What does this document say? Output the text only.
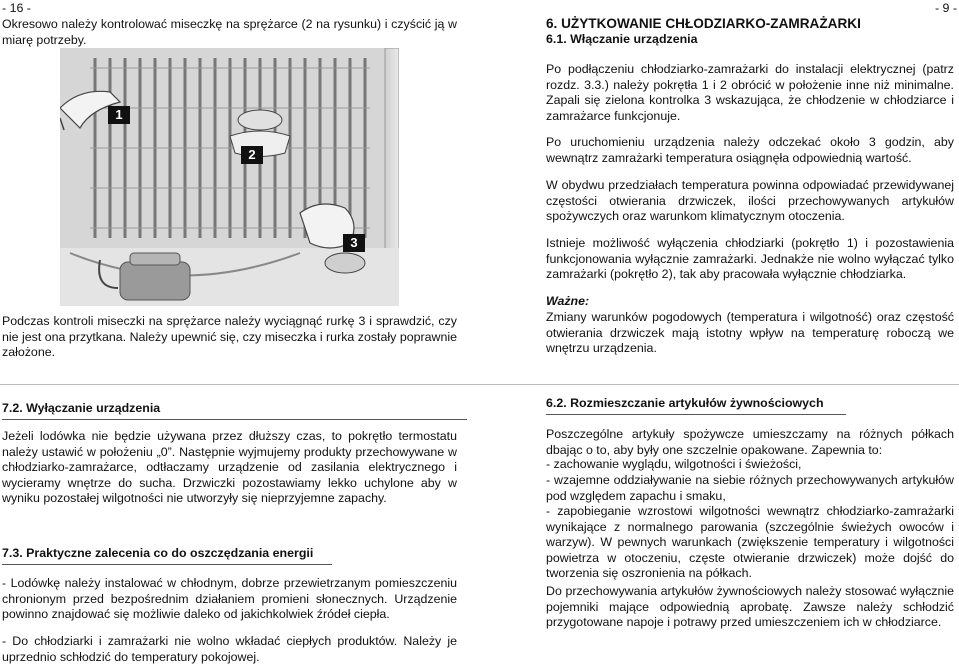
- 16 -
Okresowo należy kontrolować miseczkę na sprężarce (2 na rysunku) i czyścić ją w miarę potrzeby.
1
2
3
Podczas kontroli miseczki na sprężarce należy wyciągnąć rurkę 3 i sprawdzić, czy nie jest ona przytkana. Należy upewnić się, czy miseczka i rurka zostały poprawnie założone.
- 9 -
6. UŻYTKOWANIE CHŁODZIARKO-ZAMRAŻARKI
6.1. Włączanie urządzenia
Po podłączeniu chłodziarko-zamrażarki do instalacji elektrycznej (patrz rozdz. 3.3.) należy pokrętła 1 i 2 obrócić w położenie inne niż minimalne. Zapali się zielona kontrolka 3 wskazująca, że chłodzenie w chłodziarce i zamrażarce funkcjonuje.
Po uruchomieniu urządzenia należy odczekać około 3 godzin, aby wewnątrz zamrażarki temperatura osiągnęła odpowiednią wartość.
W obydwu przedziałach temperatura powinna odpowiadać przewidywanej częstości otwierania drzwiczek, ilości przechowywanych artykułów spożywczych oraz warunkom klimatycznym otoczenia.
Istnieje możliwość wyłączenia chłodziarki (pokrętło 1) i pozostawienia funkcjonowania wyłącznie zamrażarki. Jednakże nie wolno wyłączać tylko zamrażarki (pokrętło 2), tak aby pracowała wyłącznie chłodziarka.
Ważne:
Zmiany warunków pogodowych (temperatura i wilgotność) oraz częstość otwierania drzwiczek mają istotny wpływ na temperaturę roboczą we wnętrzu urządzenia.
7.2. Wyłączanie urządzenia
Jeżeli lodówka nie będzie używana przez dłuższy czas, to pokrętło termostatu należy ustawić w położeniu „0”. Następnie wyjmujemy produkty przechowywane w chłodziarko-zamrażarce, odtłaczamy urządzenie od zasilania elektrycznego i wycieramy wnętrze do sucha. Drzwiczki pozostawiamy lekko uchylone aby w wyniku pozostałej wilgotności nie utworzyły się nieprzyjemne zapachy.
7.3. Praktyczne zalecenia co do oszczędzania energii
- Lodówkę należy instalować w chłodnym, dobrze przewietrzanym pomieszczeniu chronionym przed bezpośrednim działaniem promieni słonecznych. Urządzenie powinno znajdować się możliwie daleko od jakichkolwiek źródeł ciepła.
- Do chłodziarki i zamrażarki nie wolno wkładać ciepłych produktów. Należy je uprzednio schłodzić do temperatury pokojowej.
6.2. Rozmieszczanie artykułów żywnościowych
Poszczególne artykuły spożywcze umieszczamy na różnych półkach dbając o to, aby były one szczelnie opakowane. Zapewnia to:
- zachowanie wyglądu, wilgotności i świeżości,
- wzajemne oddziaływanie na siebie różnych przechowywanych artykułów pod względem zapachu i smaku,
- zapobieganie wzrostowi wilgotności wewnątrz chłodziarko-zamrażarki wynikające z normalnego parowania (szczególnie świeżych owoców i warzyw). W pewnych warunkach (zwiększenie temperatury i wilgotności powietrza w otoczeniu, częste otwieranie drzwiczek) może dojść do tworzenia się oszronienia na półkach.
Do przechowywania artykułów żywnościowych należy stosować wyłącznie pojemniki mające odpowiednią aprobatę. Zawsze należy schłodzić przygotowane napoje i potrawy przed umieszczeniem ich w chłodziarce.
